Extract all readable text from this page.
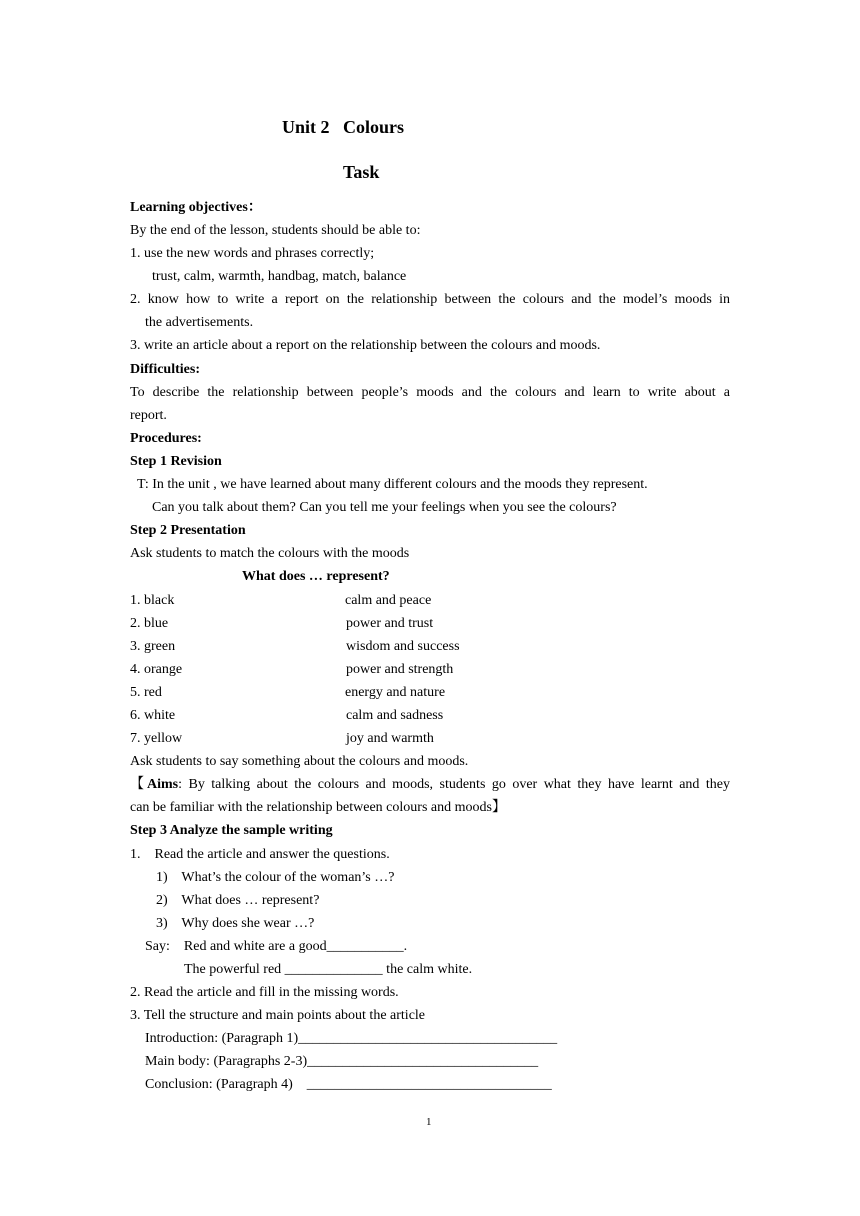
Unit 2   Colours
Task
Learning objectives：
By the end of the lesson, students should be able to:
1. use the new words and phrases correctly;
trust, calm, warmth, handbag, match, balance
2. know how to write a report on the relationship between the colours and the model’s moods in
the advertisements.
3. write an article about a report on the relationship between the colours and moods.
Difficulties:
To describe the relationship between people’s moods and the colours and learn to write about a
report.
Procedures:
Step 1 Revision
T: In the unit , we have learned about many different colours and the moods they represent.
Can you talk about them? Can you tell me your feelings when you see the colours?
Step 2 Presentation
Ask students to match the colours with the moods
What does … represent?
1. black	calm and peace
2. blue	power and trust
3. green	wisdom and success
4. orange	power and strength
5. red	energy and nature
6. white	calm and sadness
7. yellow	joy and warmth
Ask students to say something about the colours and moods.
【Aims: By talking about the colours and moods, students go over what they have learnt and they
can be familiar with the relationship between colours and moods】
Step 3 Analyze the sample writing
1.    Read the article and answer the questions.
1)    What’s the colour of the woman’s …?
2)    What does … represent?
3)    Why does she wear …?
Say:    Red and white are a good___________.
The powerful red ______________ the calm white.
2. Read the article and fill in the missing words.
3. Tell the structure and main points about the article
Introduction: (Paragraph 1)_____________________________________
Main body: (Paragraphs 2-3)_________________________________
Conclusion: (Paragraph 4)    ___________________________________
1
